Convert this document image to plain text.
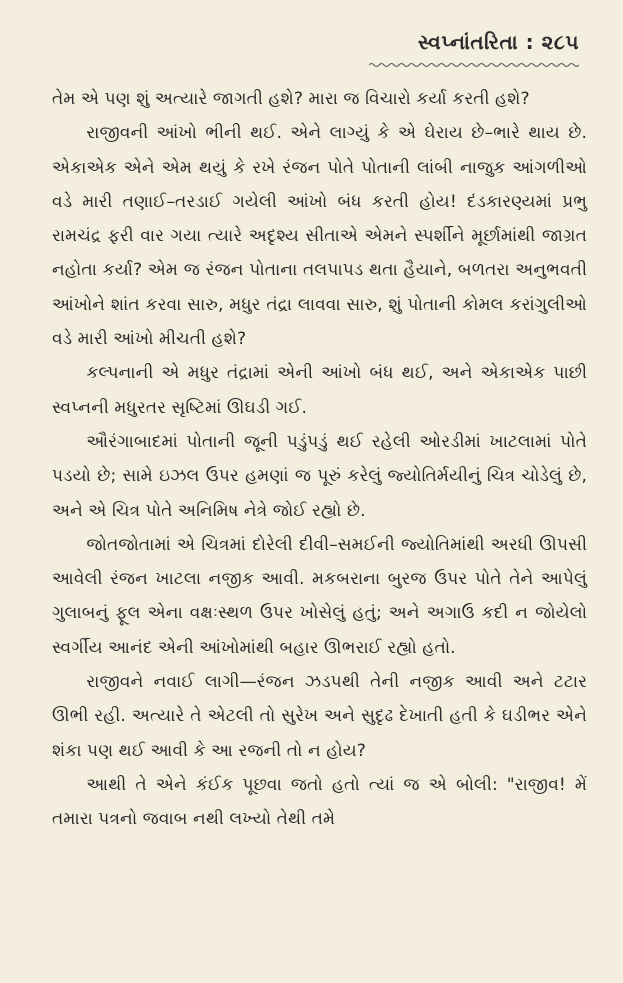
સ્વપ્નાંતરિતા : ૨૮૫

તેમ એ પણ શું અત્યારે જાગતી હશે? મારા જ વિચારો કર્યા કરતી હશે?

રાજીવની આંખો ભીની થઈ. એને લાગ્યું કે એ ઘેરાય છે–ભારે થાય છે. એકાએક એને એમ થયું કે રખે રંજન પોતે પોતાની લાંબી નાજુક આંગળીઓ વડે મારી તણાઈ–તરડાઈ ગયેલી આંખો બંધ કરતી હોય! દંડકારણ્યમાં પ્રભુ રામચંદ્ર ફરી વાર ગયા ત્યારે અદૃશ્ય સીતાએ એમને સ્પર્શીને મૂર્છામાંથી જાગ્રત નહોતા કર્યા? એમ જ રંજન પોતાના તલપાપડ થતા હૈયાને, બળતરા અનુભવતી આંખોને શાંત કરવા સારુ, મધુર તંદ્રા લાવવા સારુ, શું પોતાની કોમલ કરાંગુલીઓ વડે મારી આંખો મીચતી હશે?

કલ્પનાની એ મધુર તંદ્રામાં એની આંખો બંધ થઈ, અને એકાએક પાછી સ્વપ્નની મધુરતર સૃષ્ટિમાં ઊઘડી ગઈ.

ઔરંગાબાદમાં પોતાની જૂની પડુંપડું થઈ રહેલી ઓરડીમાં ખાટલામાં પોતે પડયો છે; સામે ઇઝલ ઉપર હમણાં જ પૂરું કરેલું જ્યોતિર્મયીનું ચિત્ર ચોડેલું છે, અને એ ચિત્ર પોતે અનિમિષ નેત્રે જોઈ રહ્યો છે.

જોતજોતામાં એ ચિત્રમાં દોરેલી દીવી–સમઈની જ્યોતિમાંથી અરધી ઊપસી આવેલી રંજન ખાટલા નજીક આવી. મકબરાના બુરજ ઉપર પોતે તેને આપેલું ગુલાબનું ફૂલ એના વક્ષઃસ્થળ ઉપર ખોસેલું હતું; અને અગાઉ કદી ન જોયેલો સ્વર્ગીય આનંદ એની આંખોમાંથી બહાર ઊભરાઈ રહ્યો હતો.

રાજીવને નવાઈ લાગી—રંજન ઝડપથી તેની નજીક આવી અને ટટાર ઊભી રહી. અત્યારે તે એટલી તો સુરેખ અને સુદૃઢ દેખાતી હતી કે ઘડીભર એને શંકા પણ થઈ આવી કે આ રજની તો ન હોય?

આથી તે એને કંઈક પૂછવા જતો હતો ત્યાં જ એ બોલી: "રાજીવ! મેં તમારા પત્રનો જવાબ નથી લખ્યો તેથી તમે
